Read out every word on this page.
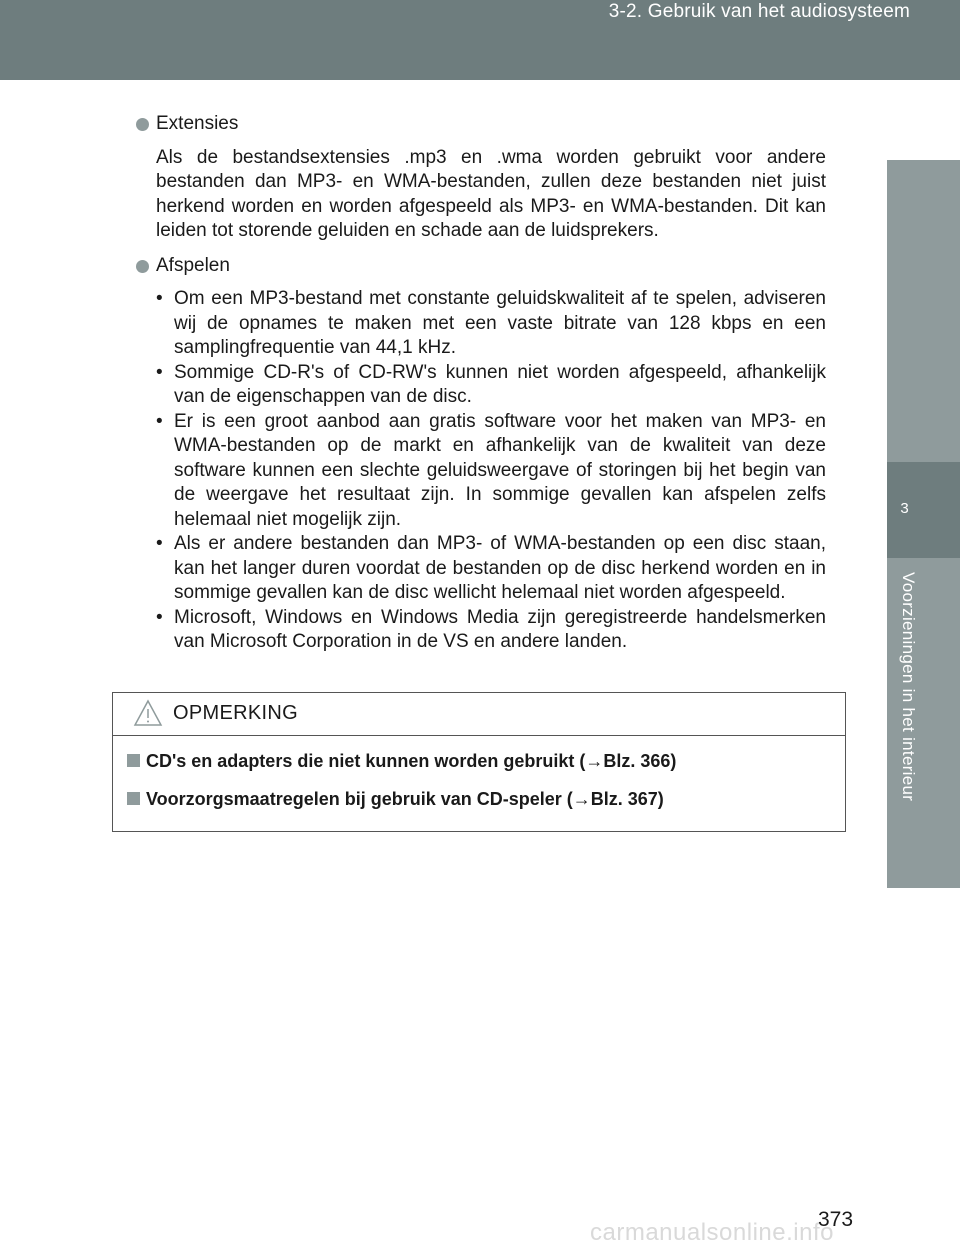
3-2. Gebruik van het audiosysteem
3
Voorzieningen in het interieur
Extensies

Als de bestandsextensies .mp3 en .wma worden gebruikt voor andere bestanden dan MP3- en WMA-bestanden, zullen deze bestanden niet juist herkend worden en worden afgespeeld als MP3- en WMA-bestanden. Dit kan leiden tot storende geluiden en schade aan de luidsprekers.

Afspelen
• Om een MP3-bestand met constante geluidskwaliteit af te spelen, adviseren wij de opnames te maken met een vaste bitrate van 128 kbps en een samplingfrequentie van 44,1 kHz.
• Sommige CD-R's of CD-RW's kunnen niet worden afgespeeld, afhankelijk van de eigenschappen van de disc.
• Er is een groot aanbod aan gratis software voor het maken van MP3- en WMA-bestanden op de markt en afhankelijk van de kwaliteit van deze software kunnen een slechte geluidsweergave of storingen bij het begin van de weergave het resultaat zijn. In sommige gevallen kan afspelen zelfs helemaal niet mogelijk zijn.
• Als er andere bestanden dan MP3- of WMA-bestanden op een disc staan, kan het langer duren voordat de bestanden op de disc herkend worden en in sommige gevallen kan de disc wellicht helemaal niet worden afgespeeld.
• Microsoft, Windows en Windows Media zijn geregistreerde handelsmerken van Microsoft Corporation in de VS en andere landen.
OPMERKING
CD's en adapters die niet kunnen worden gebruikt (→Blz. 366)
Voorzorgsmaatregelen bij gebruik van CD-speler (→Blz. 367)
carmanualsonline.info
373
